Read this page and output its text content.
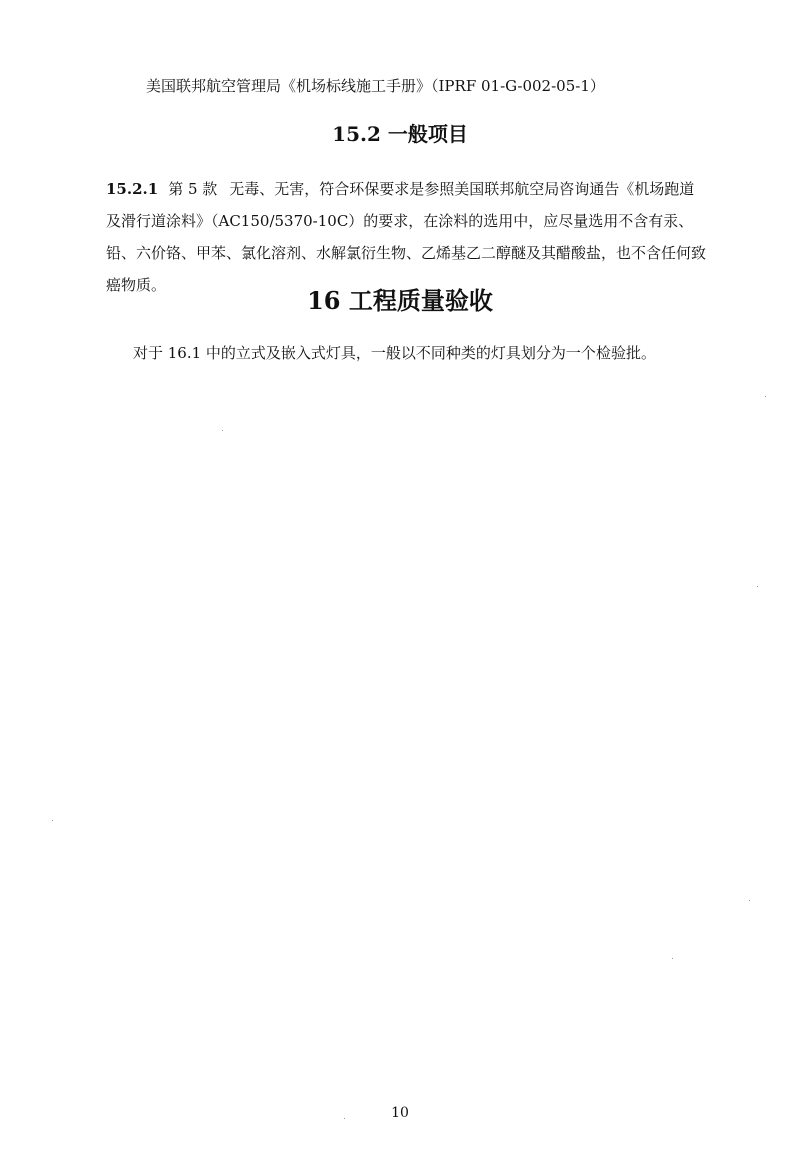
美国联邦航空管理局《机场标线施工手册》（IPRF 01-G-002-05-1）
15.2 一般项目
15.2.1 第 5 款 无毒、无害，符合环保要求是参照美国联邦航空局咨询通告《机场跑道及滑行道涂料》（AC150/5370-10C）的要求，在涂料的选用中，应尽量选用不含有汞、铅、六价铬、甲苯、氯化溶剂、水解氯衍生物、乙烯基乙二醇醚及其醋酸盐，也不含任何致癌物质。
16 工程质量验收
对于 16.1 中的立式及嵌入式灯具，一般以不同种类的灯具划分为一个检验批。
10
